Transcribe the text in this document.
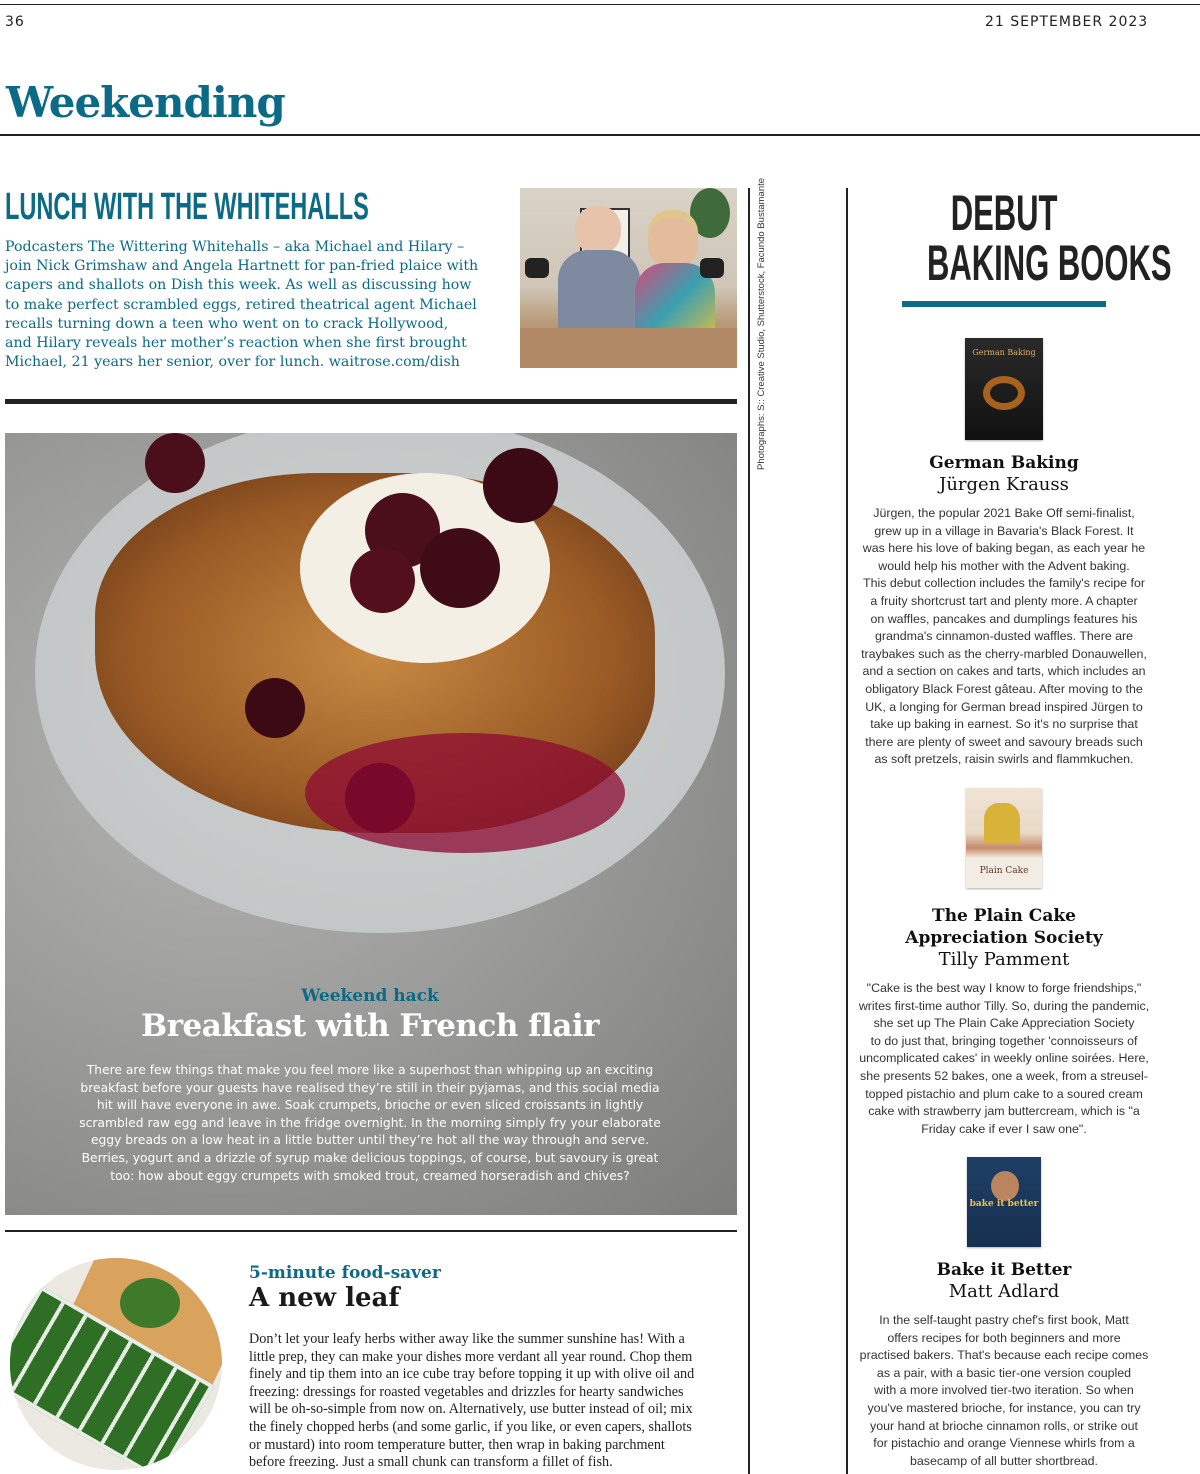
36	21 SEPTEMBER 2023
Weekending
LUNCH WITH THE WHITEHALLS
Podcasters The Wittering Whitehalls – aka Michael and Hilary –
join Nick Grimshaw and Angela Hartnett for pan-fried plaice with
capers and shallots on Dish this week. As well as discussing how
to make perfect scrambled eggs, retired theatrical agent Michael
recalls turning down a teen who went on to crack Hollywood,
and Hilary reveals her mother’s reaction when she first brought
Michael, 21 years her senior, over for lunch. waitrose.com/dish
Weekend hack
Breakfast with French flair
There are few things that make you feel more like a superhost than whipping up an exciting
breakfast before your guests have realised they’re still in their pyjamas, and this social media
hit will have everyone in awe. Soak crumpets, brioche or even sliced croissants in lightly
scrambled raw egg and leave in the fridge overnight. In the morning simply fry your elaborate
eggy breads on a low heat in a little butter until they’re hot all the way through and serve.
Berries, yogurt and a drizzle of syrup make delicious toppings, of course, but savoury is great
too: how about eggy crumpets with smoked trout, creamed horseradish and chives?
5-minute food-saver
A new leaf
Don’t let your leafy herbs wither away like the summer sunshine has! With a
little prep, they can make your dishes more verdant all year round. Chop them
finely and tip them into an ice cube tray before topping it up with olive oil and
freezing: dressings for roasted vegetables and drizzles for hearty sandwiches
will be oh-so-simple from now on. Alternatively, use butter instead of oil; mix
the finely chopped herbs (and some garlic, if you like, or even capers, shallots
or mustard) into room temperature butter, then wrap in baking parchment
before freezing. Just a small chunk can transform a fillet of fish.
Photographs: S:: Creative Studio, Shutterstock, Facundo Bustamante	DEBUT
BAKING BOOKS
German Baking
German Baking
Jürgen Krauss
Jürgen, the popular 2021 Bake Off semi-finalist,
grew up in a village in Bavaria's Black Forest. It
was here his love of baking began, as each year he
would help his mother with the Advent baking.
This debut collection includes the family's recipe for
a fruity shortcrust tart and plenty more. A chapter
on waffles, pancakes and dumplings features his
grandma's cinnamon-dusted waffles. There are
traybakes such as the cherry-marbled Donauwellen,
and a section on cakes and tarts, which includes an
obligatory Black Forest gâteau. After moving to the
UK, a longing for German bread inspired Jürgen to
take up baking in earnest. So it's no surprise that
there are plenty of sweet and savoury breads such
as soft pretzels, raisin swirls and flammkuchen.
Plain Cake
The Plain Cake
Appreciation Society
Tilly Pamment
"Cake is the best way I know to forge friendships,"
writes first-time author Tilly. So, during the pandemic,
she set up The Plain Cake Appreciation Society
to do just that, bringing together 'connoisseurs of
uncomplicated cakes' in weekly online soirées. Here,
she presents 52 bakes, one a week, from a streusel-
topped pistachio and plum cake to a soured cream
cake with strawberry jam buttercream, which is "a
Friday cake if ever I saw one".
bake it better
Bake it Better
Matt Adlard
In the self-taught pastry chef's first book, Matt
offers recipes for both beginners and more
practised bakers. That's because each recipe comes
as a pair, with a basic tier-one version coupled
with a more involved tier-two iteration. So when
you've mastered brioche, for instance, you can try
your hand at brioche cinnamon rolls, or strike out
for pistachio and orange Viennese whirls from a
basecamp of all butter shortbread.
